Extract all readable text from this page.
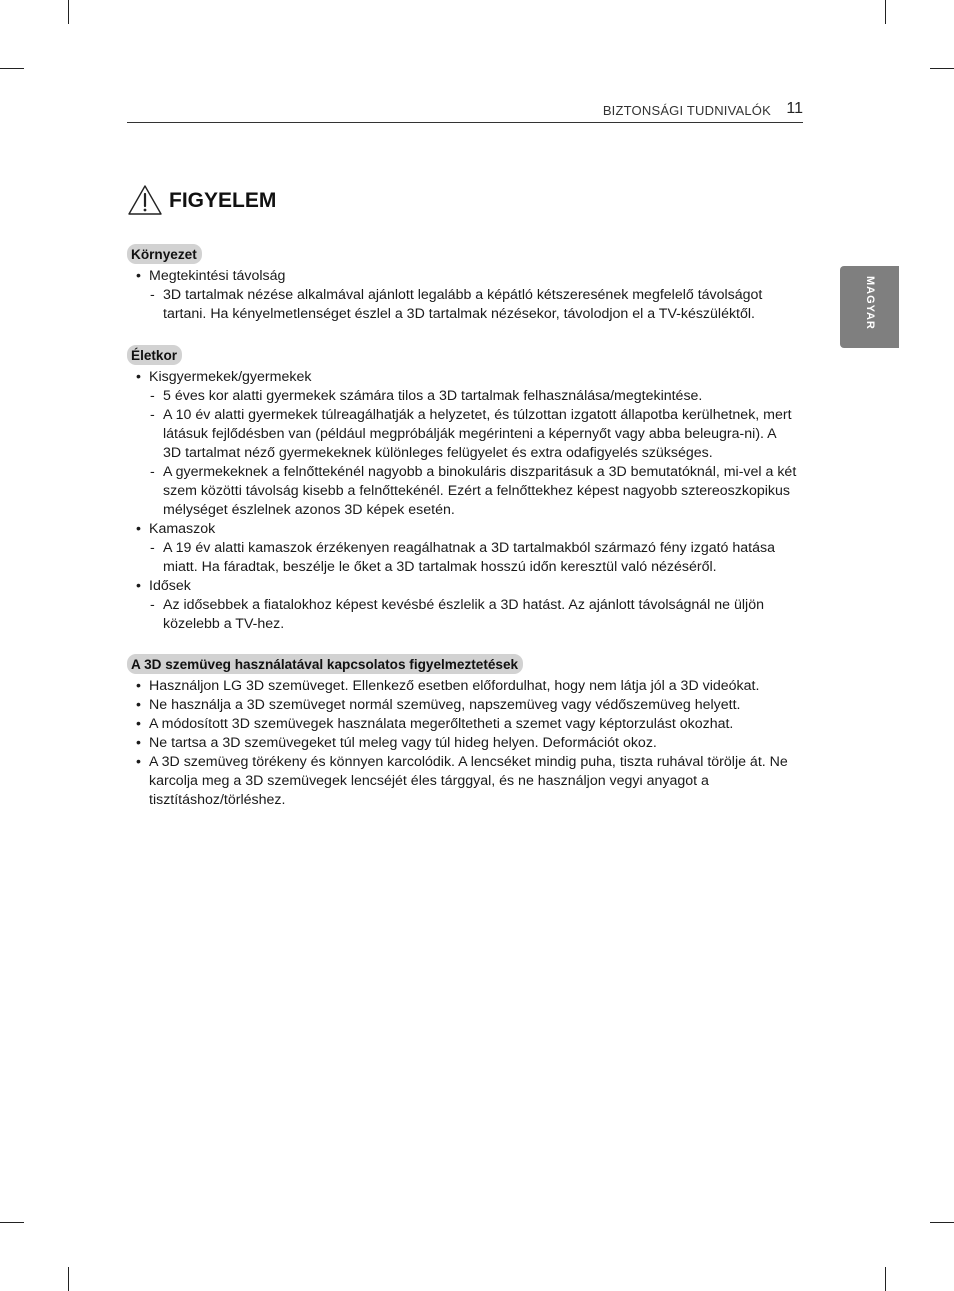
BIZTONSÁGI TUDNIVALÓK 11
MAGYAR
FIGYELEM
Környezet
• Megtekintési távolság
- 3D tartalmak nézése alkalmával ajánlott legalább a képátló kétszeresének megfelelő távolságot tartani. Ha kényelmetlenséget észlel a 3D tartalmak nézésekor, távolodjon el a TV-készüléktől.
Életkor
• Kisgyermekek/gyermekek
- 5 éves kor alatti gyermekek számára tilos a 3D tartalmak felhasználása/megtekintése.
- A 10 év alatti gyermekek túlreagálhatják a helyzetet, és túlzottan izgatott állapotba kerülhetnek, mert látásuk fejlődésben van (például megpróbálják megérinteni a képernyőt vagy abba beleugra-ni). A 3D tartalmat néző gyermekeknek különleges felügyelet és extra odafigyelés szükséges.
- A gyermekeknek a felnőttekénél nagyobb a binokuláris diszparitásuk a 3D bemutatóknál, mi-vel a két szem közötti távolság kisebb a felnőttekénél. Ezért a felnőttekhez képest nagyobb sztereoszkopikus mélységet észlelnek azonos 3D képek esetén.
• Kamaszok
- A 19 év alatti kamaszok érzékenyen reagálhatnak a 3D tartalmakból származó fény izgató hatása miatt. Ha fáradtak, beszélje le őket a 3D tartalmak hosszú időn keresztül való nézéséről.
• Idősek
- Az idősebbek a fiatalokhoz képest kevésbé észlelik a 3D hatást. Az ajánlott távolságnál ne üljön közelebb a TV-hez.
A 3D szemüveg használatával kapcsolatos figyelmeztetések
• Használjon LG 3D szemüveget. Ellenkező esetben előfordulhat, hogy nem látja jól a 3D videókat.
• Ne használja a 3D szemüveget normál szemüveg, napszemüveg vagy védőszemüveg helyett.
• A módosított 3D szemüvegek használata megerőltetheti a szemet vagy képtorzulást okozhat.
• Ne tartsa a 3D szemüvegeket túl meleg vagy túl hideg helyen. Deformációt okoz.
• A 3D szemüveg törékeny és könnyen karcolódik. A lencséket mindig puha, tiszta ruhával törölje át. Ne karcolja meg a 3D szemüvegek lencséjét éles tárggyal, és ne használjon vegyi anyagot a tisztításhoz/törléshez.
